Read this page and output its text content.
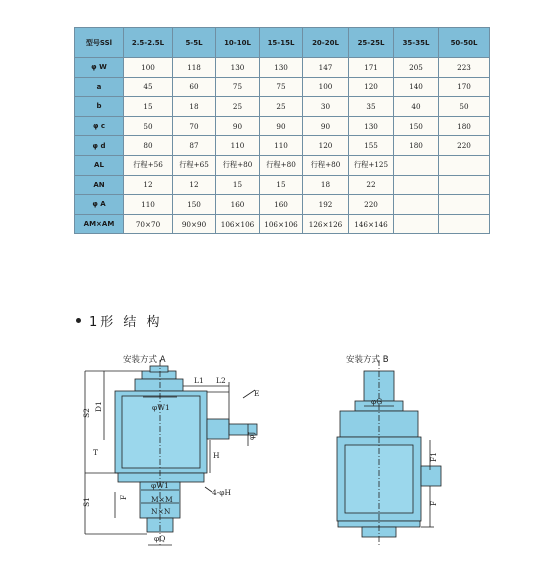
型号SSl	2.5-2.5L	5-5L	10-10L	15-15L	20-20L	25-25L	35-35L	50-50L
φ W	100	118	130	130	147	171	205	223
a	45	60	75	75	100	120	140	170
b	15	18	25	25	30	35	40	50
φ c	50	70	90	90	90	130	150	180
φ d	80	87	110	110	120	155	180	220
AL	行程+56	行程+65	行程+80	行程+80	行程+80	行程+125		
AN	12	12	15	15	18	22		
φ A	110	150	160	160	192	220		
AM×AM	70×70	90×90	106×106	106×106	126×126	146×146		
1形 结 构
安装方式 A	安装方式 B
S2
D1
T
S1
L1 L2
E
φW1
φJ
H
F
φW1
M×M
N×N
φQ
4-φH
φG
F1
F
